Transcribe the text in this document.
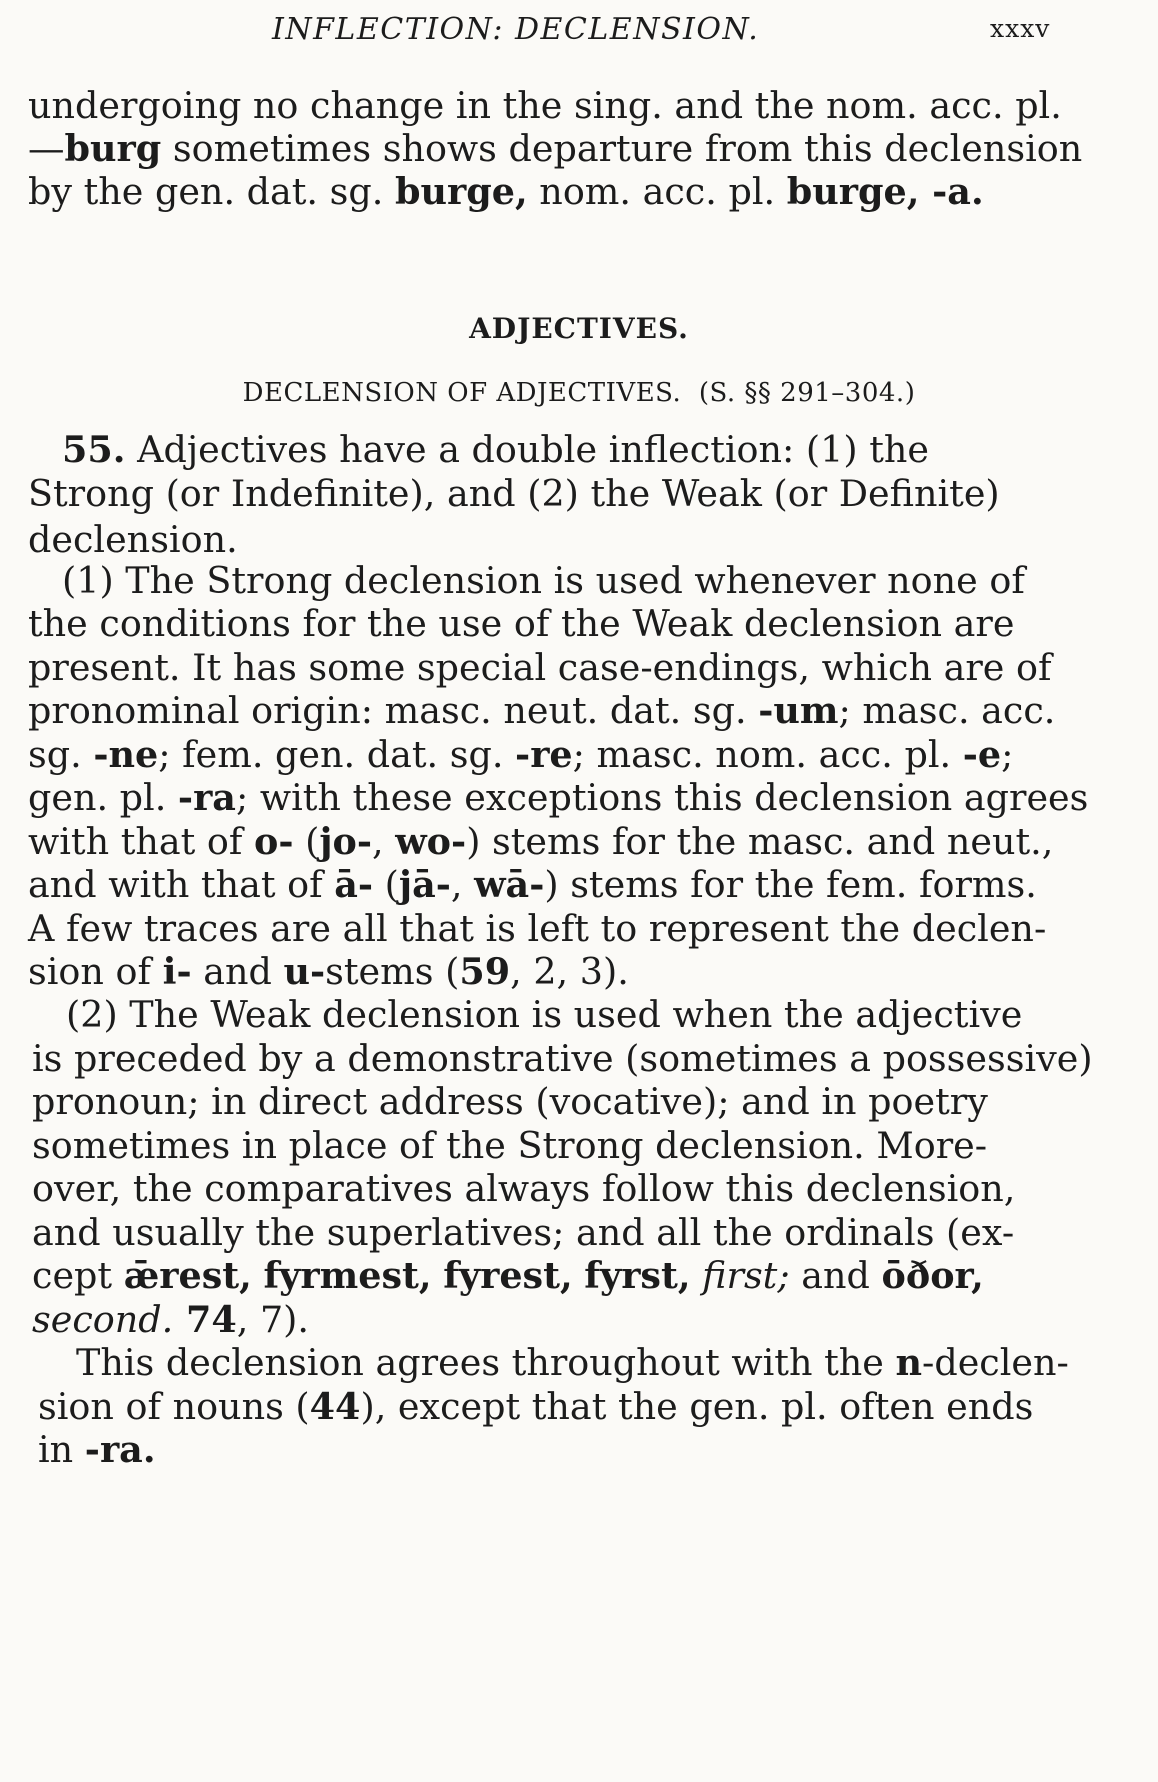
INFLECTION: DECLENSION.	xxxv
undergoing no change in the sing. and the nom. acc. pl.
—burg sometimes shows departure from this declension
by the gen. dat. sg. burge, nom. acc. pl. burge, -a.
ADJECTIVES.
DECLENSION OF ADJECTIVES. (S. §§ 291–304.)
55. Adjectives have a double inflection: (1) the
Strong (or Indefinite), and (2) the Weak (or Definite)
declension.
(1) The Strong declension is used whenever none of
the conditions for the use of the Weak declension are
present. It has some special case-endings, which are of
pronominal origin: masc. neut. dat. sg. -um; masc. acc.
sg. -ne; fem. gen. dat. sg. -re; masc. nom. acc. pl. -e;
gen. pl. -ra; with these exceptions this declension agrees
with that of o- (jo-, wo-) stems for the masc. and neut.,
and with that of ā- (jā-, wā-) stems for the fem. forms.
A few traces are all that is left to represent the declen-
sion of i- and u-stems (59, 2, 3).
(2) The Weak declension is used when the adjective
is preceded by a demonstrative (sometimes a possessive)
pronoun; in direct address (vocative); and in poetry
sometimes in place of the Strong declension. More-
over, the comparatives always follow this declension,
and usually the superlatives; and all the ordinals (ex-
cept ǣrest, fyrmest, fyrest, fyrst, first; and ōðor,
second. 74, 7).
This declension agrees throughout with the n-declen-
sion of nouns (44), except that the gen. pl. often ends
in -ra.
